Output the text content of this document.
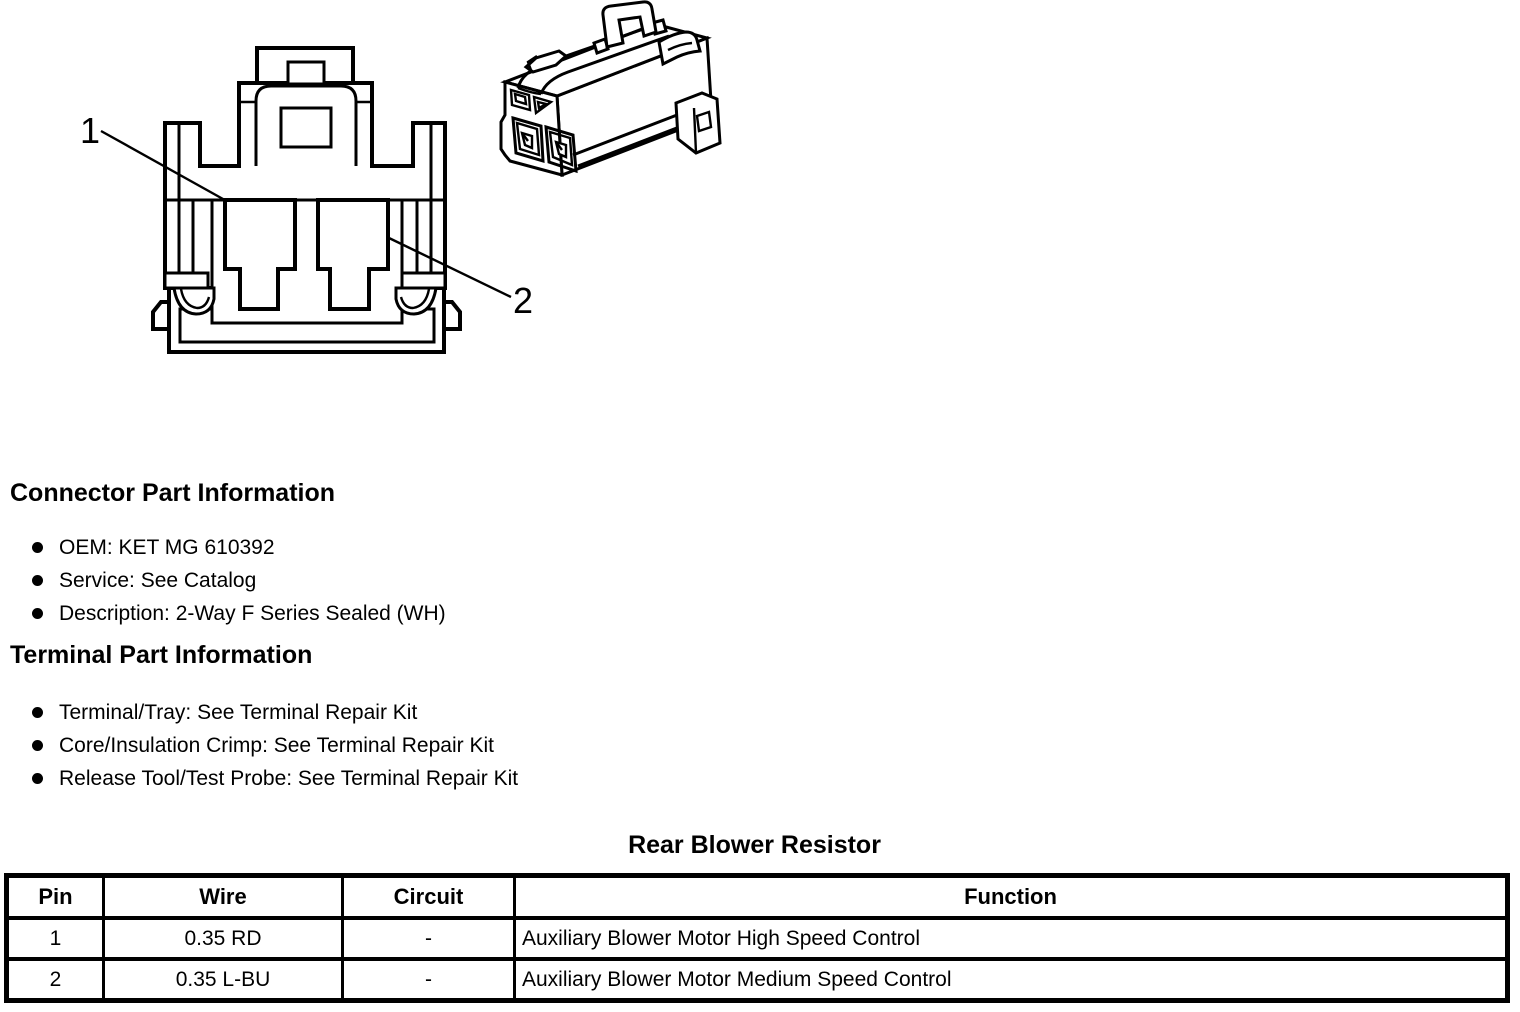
1
2
Connector Part Information
OEM: KET MG 610392
Service: See Catalog
Description: 2-Way F Series Sealed (WH)
Terminal Part Information
Terminal/Tray: See Terminal Repair Kit
Core/Insulation Crimp: See Terminal Repair Kit
Release Tool/Test Probe: See Terminal Repair Kit
Rear Blower Resistor
Pin	Wire	Circuit	Function
1	0.35 RD	-	Auxiliary Blower Motor High Speed Control
2	0.35 L-BU	-	Auxiliary Blower Motor Medium Speed Control
